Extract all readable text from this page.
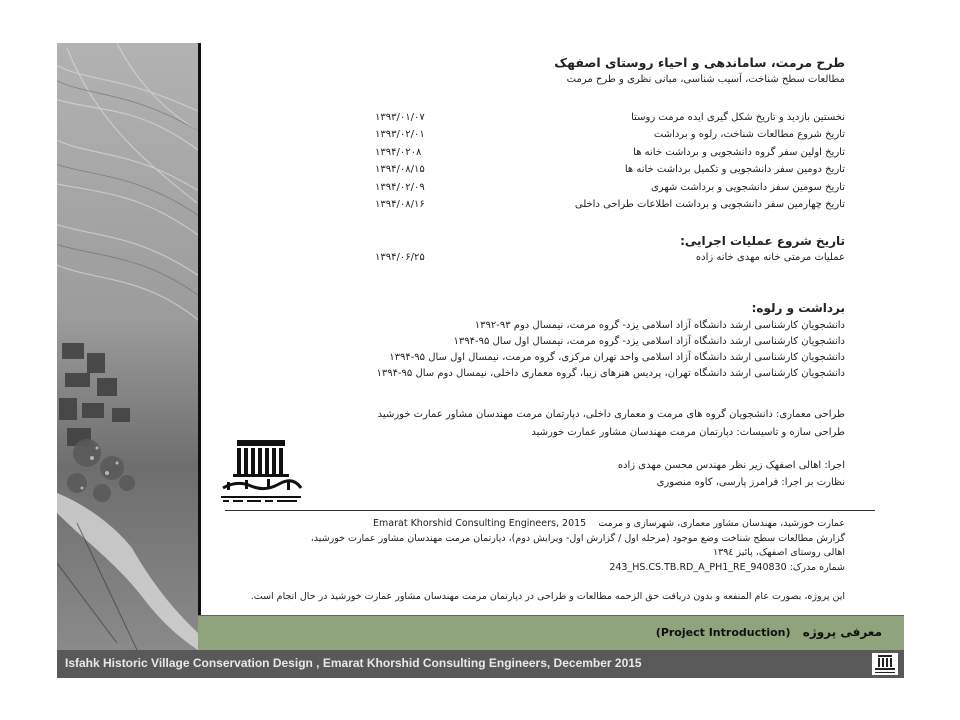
طرح مرمت، ساماندهی و احیاء روستای اصفهک
مطالعات سطح شناخت، آسیب شناسی، مبانی نظری و طرح مرمت
نخستین بازدید و تاریخ شکل گیری ایده مرمت روستا
۱۳۹۳/۰۱/۰۷
تاریخ شروع مطالعات شناخت، رلوه و برداشت
۱۳۹۳/۰۲/۰۱
تاریخ اولین سفر گروه دانشجویی و برداشت خانه ها
۱۳۹۴/۰۲۰۸
تاریخ دومین سفر دانشجویی و تکمیل برداشت خانه ها
۱۳۹۴/۰۸/۱۵
تاریخ سومین سفر دانشجویی و برداشت شهری
۱۳۹۴/۰۲/۰۹
تاریخ چهارمین سفر دانشجویی و برداشت اطلاعات طراحی داخلی
۱۳۹۴/۰۸/۱۶
تاریخ شروع عملیات اجرایی:
عملیات مرمتی خانه مهدی خانه زاده
۱۳۹۴/۰۶/۲۵
برداشت و رلوه:
دانشجویان کارشناسی ارشد دانشگاه آزاد اسلامی یزد- گروه مرمت، نیمسال دوم ۹۳-۱۳۹۲
دانشجویان کارشناسی ارشد دانشگاه آزاد اسلامی یزد- گروه مرمت، نیمسال اول سال ۹۵-۱۳۹۴
دانشجویان کارشناسی ارشد دانشگاه آزاد اسلامی واحد تهران مرکزی، گروه مرمت، نیمسال اول سال ۹۵-۱۳۹۴
دانشجویان کارشناسی ارشد دانشگاه تهران، پردیس هنرهای زیبا، گروه معماری داخلی، نیمسال دوم سال ۹۵-۱۳۹۴
طراحی معماری: دانشجویان گروه های مرمت و معماری داخلی، دپارتمان مرمت مهندسان مشاور عمارت خورشید
طراحی سازه و تاسیسات: دپارتمان مرمت مهندسان مشاور عمارت خورشید
اجرا: اهالی اصفهک زیر نظر مهندس محسن مهدی زاده
نظارت بر اجرا: فرامرز پارسی، کاوه منصوری
عمارت خورشید، مهندسان مشاور معماری، شهرسازی و مرمت    Emarat Khorshid Consulting Engineers, 2015
گزارش مطالعات سطح شناخت وضع موجود (مرحله اول / گزارش اول- ویرایش دوم)، دپارتمان مرمت مهندسان مشاور عمارت خورشید،
اهالی روستای اصفهک، پائیز ۱۳۹٤
شماره مدرک: 243_HS.CS.TB.RD_A_PH1_RE_940830
این پروژه، بصورت عام المنفعه و بدون دریافت حق الزحمه مطالعات و طراحی در دپارتمان مرمت مهندسان مشاور عمارت خورشید در حال انجام است.
معرفی پروژه (Project Introduction)
Isfahk Historic Village Conservation Design , Emarat Khorshid Consulting Engineers, December 2015
